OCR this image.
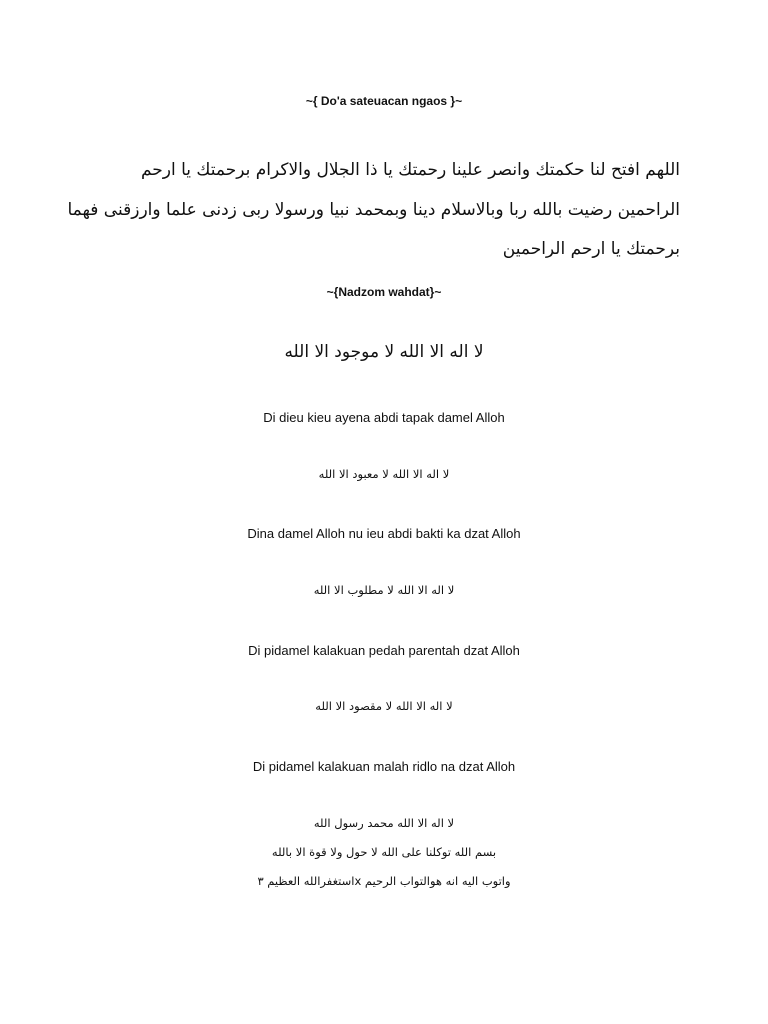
~{ Do'a sateuacan ngaos }~

اللهم افتح لنا حكمتك وانصر علينا رحمتك يا ذا الجلال والاكرام برحمتك يا ارحم

الراحمين رضيت بالله ربا وبالاسلام دينا وبمحمد نبيا ورسولا ربى زدنى علما وارزقنى فهما

برحمتك يا ارحم الراحمين

~{Nadzom wahdat}~

لا اله الا الله لا موجود الا الله

Di dieu kieu ayena abdi tapak damel Alloh

لا اله الا الله لا معبود الا الله

Dina damel Alloh nu ieu abdi bakti ka dzat Alloh

لا اله الا الله لا مطلوب الا الله

Di pidamel kalakuan pedah parentah dzat Alloh

لا اله الا الله لا مقصود الا الله

Di pidamel kalakuan malah ridlo na dzat Alloh

لا اله الا الله محمد رسول الله

بسم الله توكلنا على الله لا حول ولا قوة الا بالله

واتوب اليه انه هوالتواب الرحيم xاستغفرالله العظيم ٣
